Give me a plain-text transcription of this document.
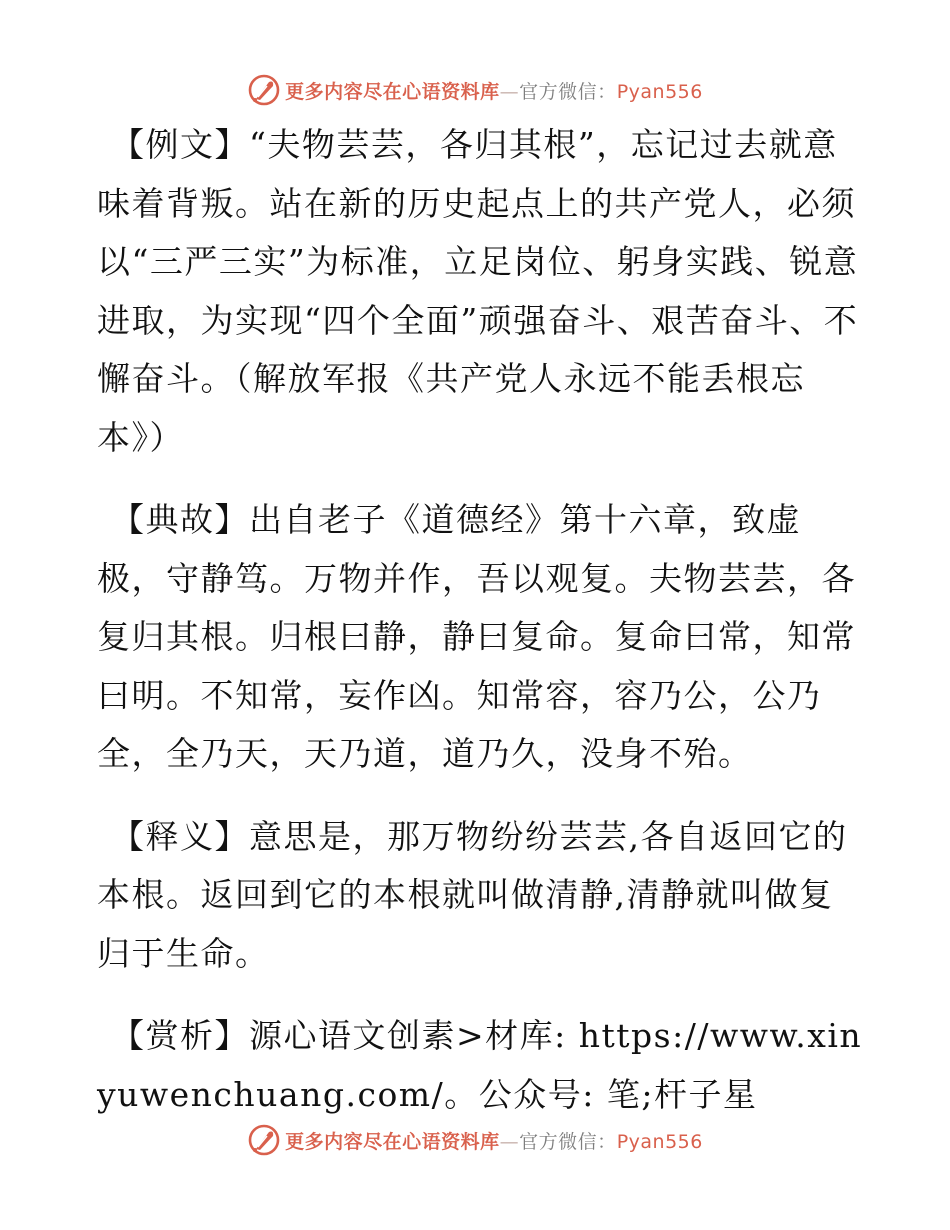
更多内容尽在心语资料库—官方微信：Pyan556

【例文】“夫物芸芸，各归其根”，忘记过去就意味着背叛。站在新的历史起点上的共产党人，必须以“三严三实”为标准，立足岗位、躬身实践、锐意进取，为实现“四个全面”顽强奋斗、艰苦奋斗、不懈奋斗。（解放军报《共产党人永远不能丢根忘本》）

【典故】出自老子《道德经》第十六章，致虚极，守静笃。万物并作，吾以观复。夫物芸芸，各复归其根。归根曰静，静曰复命。复命曰常，知常曰明。不知常，妄作凶。知常容，容乃公，公乃全，全乃天，天乃道，道乃久，没身不殆。

【释义】意思是，那万物纷纷芸芸,各自返回它的本根。返回到它的本根就叫做清静,清静就叫做复归于生命。

【赏析】源心语文创素>材库: https://www.xinyuwenchuang.com/。公众号: 笔;杆子星

更多内容尽在心语资料库—官方微信：Pyan556
